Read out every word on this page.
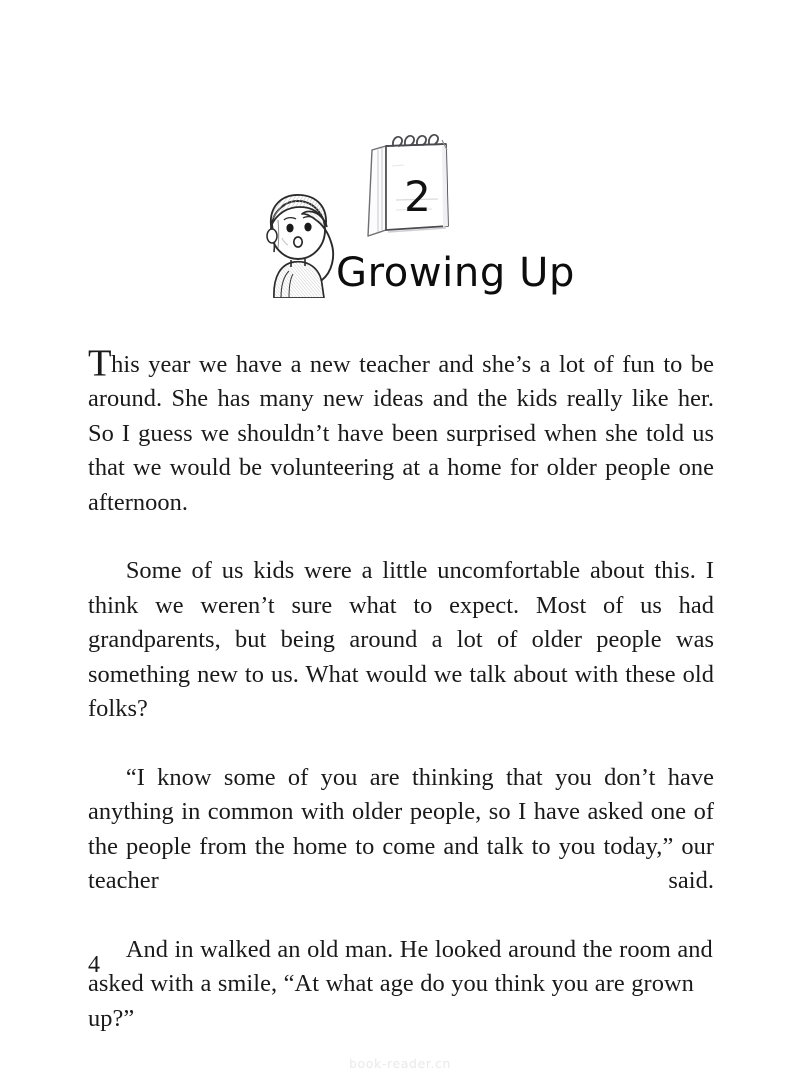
2
Growing Up

This year we have a new teacher and she’s a lot of fun to be around. She has many new ideas and the kids really like her. So I guess we shouldn’t have been surprised when she told us that we would be volunteering at a home for older people one afternoon.

Some of us kids were a little uncomfortable about this. I think we weren’t sure what to expect. Most of us had grandparents, but being around a lot of older people was something new to us. What would we talk about with these old folks?

“I know some of you are thinking that you don’t have anything in common with older people, so I have asked one of the people from the home to come and talk to you today,” our teacher said.

And in walked an old man. He looked around the room and asked with a smile, “At what age do you think you are grown up?”

4
book-reader.cn
